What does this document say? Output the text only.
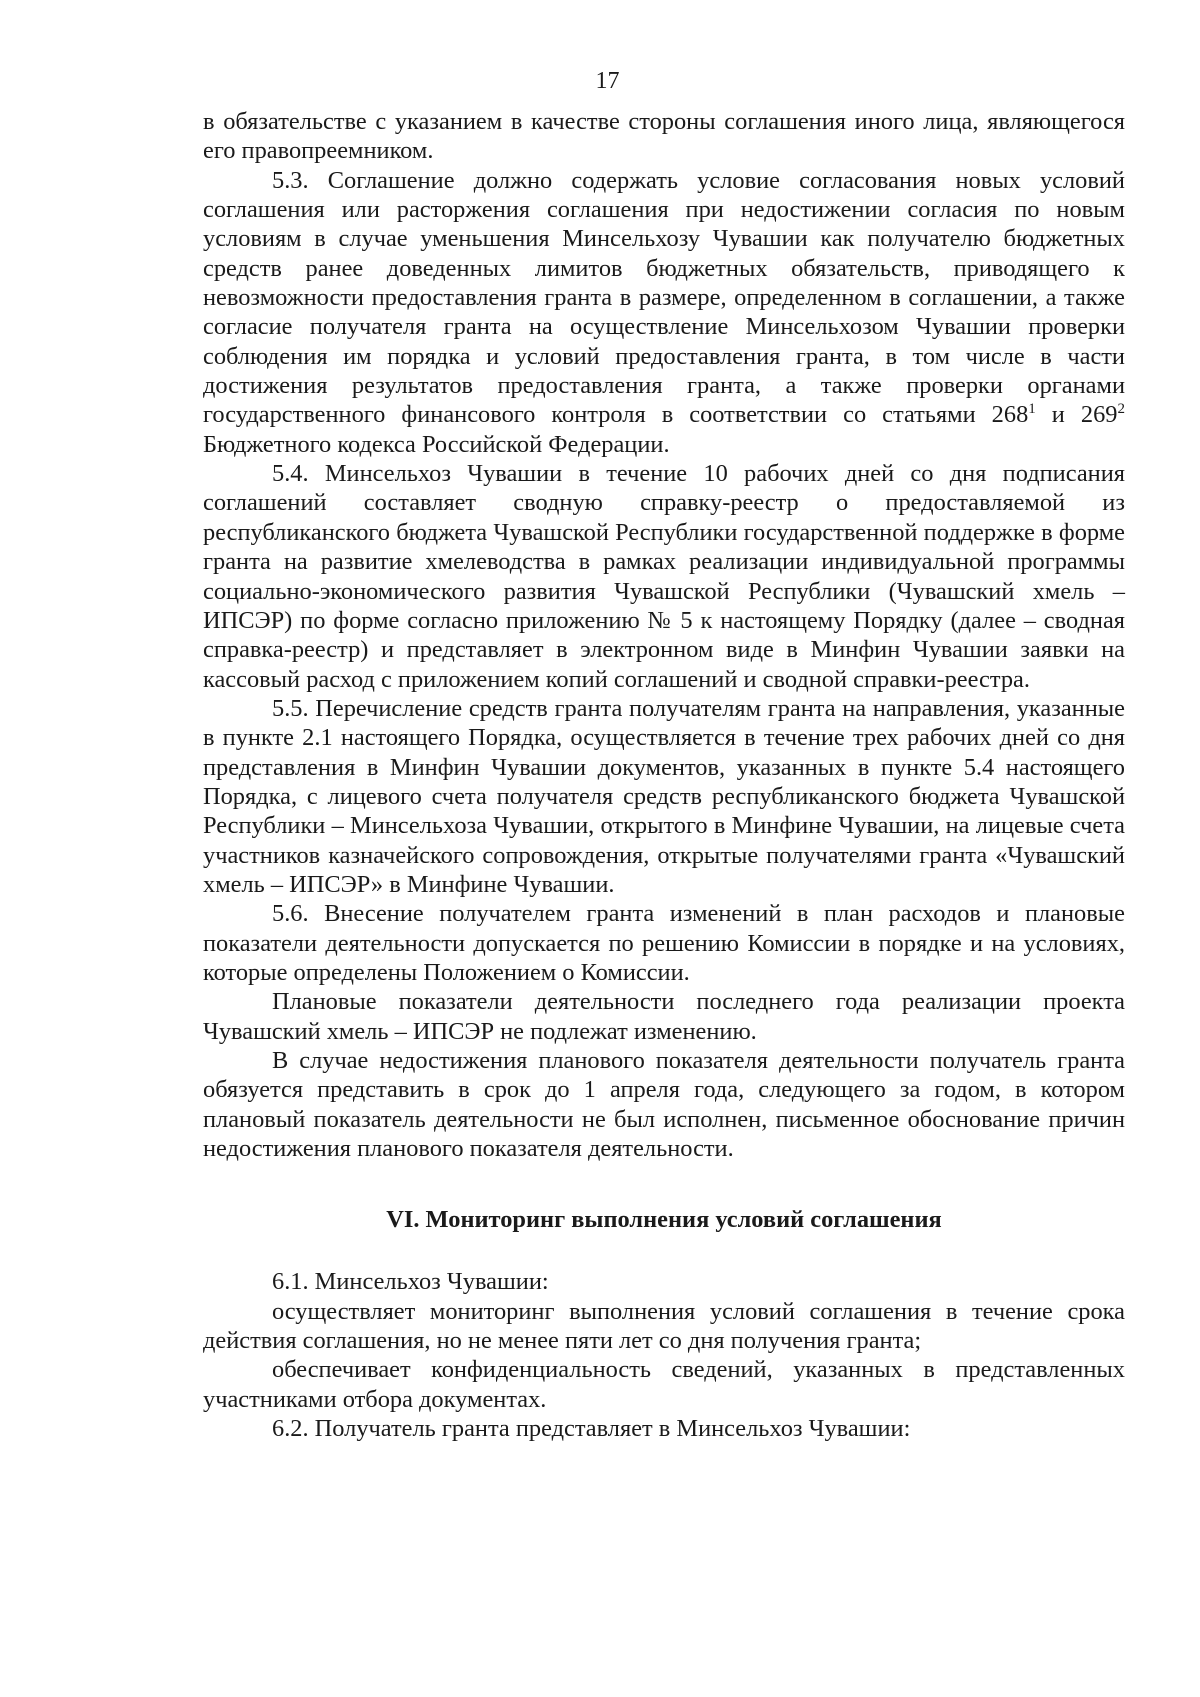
17

в обязательстве с указанием в качестве стороны соглашения иного лица, являющегося его правопреемником.

5.3. Соглашение должно содержать условие согласования новых условий соглашения или расторжения соглашения при недостижении согласия по новым условиям в случае уменьшения Минсельхозу Чувашии как получателю бюджетных средств ранее доведенных лимитов бюджетных обязательств, приводящего к невозможности предоставления гранта в размере, определенном в соглашении, а также согласие получателя гранта на осуществление Минсельхозом Чувашии проверки соблюдения им порядка и условий предоставления гранта, в том числе в части достижения результатов предоставления гранта, а также проверки органами государственного финансового контроля в соответствии со статьями $268^1$ и $269^2$ Бюджетного кодекса Российской Федерации.

5.4. Минсельхоз Чувашии в течение 10 рабочих дней со дня подписания соглашений составляет сводную справку-реестр о предоставляемой из республиканского бюджета Чувашской Республики государственной поддержке в форме гранта на развитие хмелеводства в рамках реализации индивидуальной программы социально-экономического развития Чувашской Республики (Чувашский хмель – ИПСЭР) по форме согласно приложению № 5 к настоящему Порядку (далее – сводная справка-реестр) и представляет в электронном виде в Минфин Чувашии заявки на кассовый расход с приложением копий соглашений и сводной справки-реестра.

5.5. Перечисление средств гранта получателям гранта на направления, указанные в пункте 2.1 настоящего Порядка, осуществляется в течение трех рабочих дней со дня представления в Минфин Чувашии документов, указанных в пункте 5.4 настоящего Порядка, с лицевого счета получателя средств республиканского бюджета Чувашской Республики – Минсельхоза Чувашии, открытого в Минфине Чувашии, на лицевые счета участников казначейского сопровождения, открытые получателями гранта «Чувашский хмель – ИПСЭР» в Минфине Чувашии.

5.6. Внесение получателем гранта изменений в план расходов и плановые показатели деятельности допускается по решению Комиссии в порядке и на условиях, которые определены Положением о Комиссии.

Плановые показатели деятельности последнего года реализации проекта Чувашский хмель – ИПСЭР не подлежат изменению.

В случае недостижения планового показателя деятельности получатель гранта обязуется представить в срок до 1 апреля года, следующего за годом, в котором плановый показатель деятельности не был исполнен, письменное обоснование причин недостижения планового показателя деятельности.

VI. Мониторинг выполнения условий соглашения

6.1. Минсельхоз Чувашии:

осуществляет мониторинг выполнения условий соглашения в течение срока действия соглашения, но не менее пяти лет со дня получения гранта;

обеспечивает конфиденциальность сведений, указанных в представленных участниками отбора документах.

6.2. Получатель гранта представляет в Минсельхоз Чувашии:
